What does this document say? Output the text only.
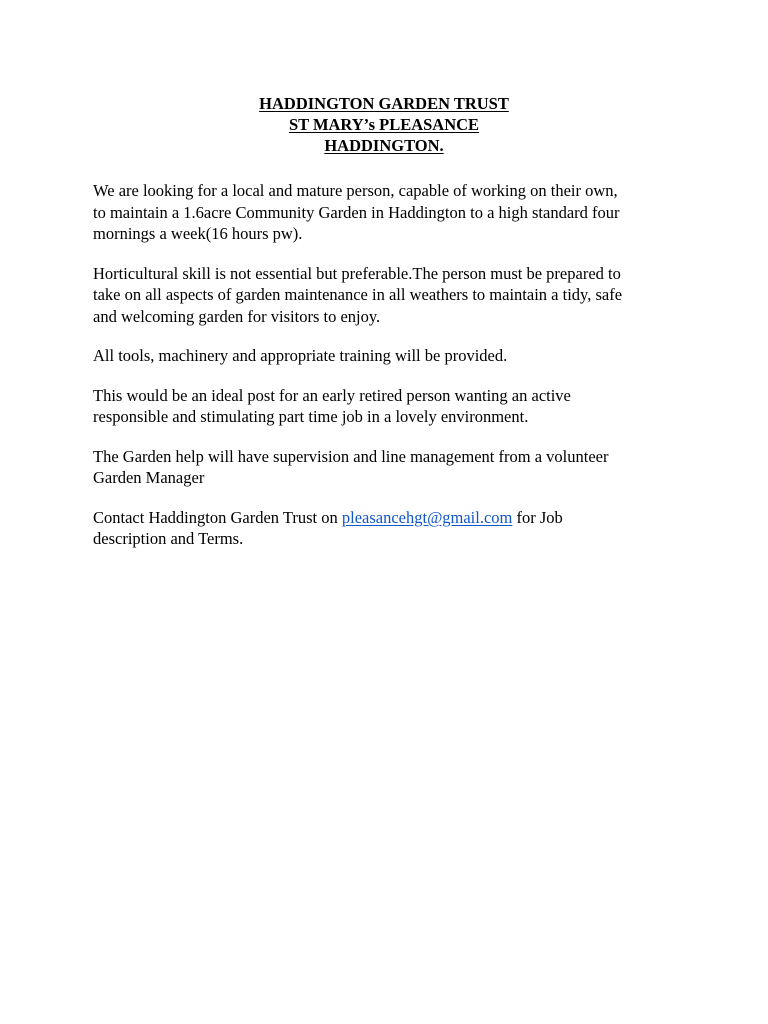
HADDINGTON GARDEN TRUST
ST MARY’s PLEASANCE
HADDINGTON.

We are looking for a local and mature person, capable of working on their own,
to maintain a 1.6acre Community Garden in Haddington to a high standard four
mornings a week(16 hours pw).

Horticultural skill is not essential but preferable.The person must be prepared to
take on all aspects of garden maintenance in all weathers to maintain a tidy, safe
and welcoming garden for visitors to enjoy.

All tools, machinery and appropriate training will be provided.

This would be an ideal post for an early retired person wanting an active
responsible and stimulating part time job in a lovely environment.

The Garden help will have supervision and line management from a volunteer
Garden Manager

Contact Haddington Garden Trust on pleasancehgt@gmail.com for Job
description and Terms.
